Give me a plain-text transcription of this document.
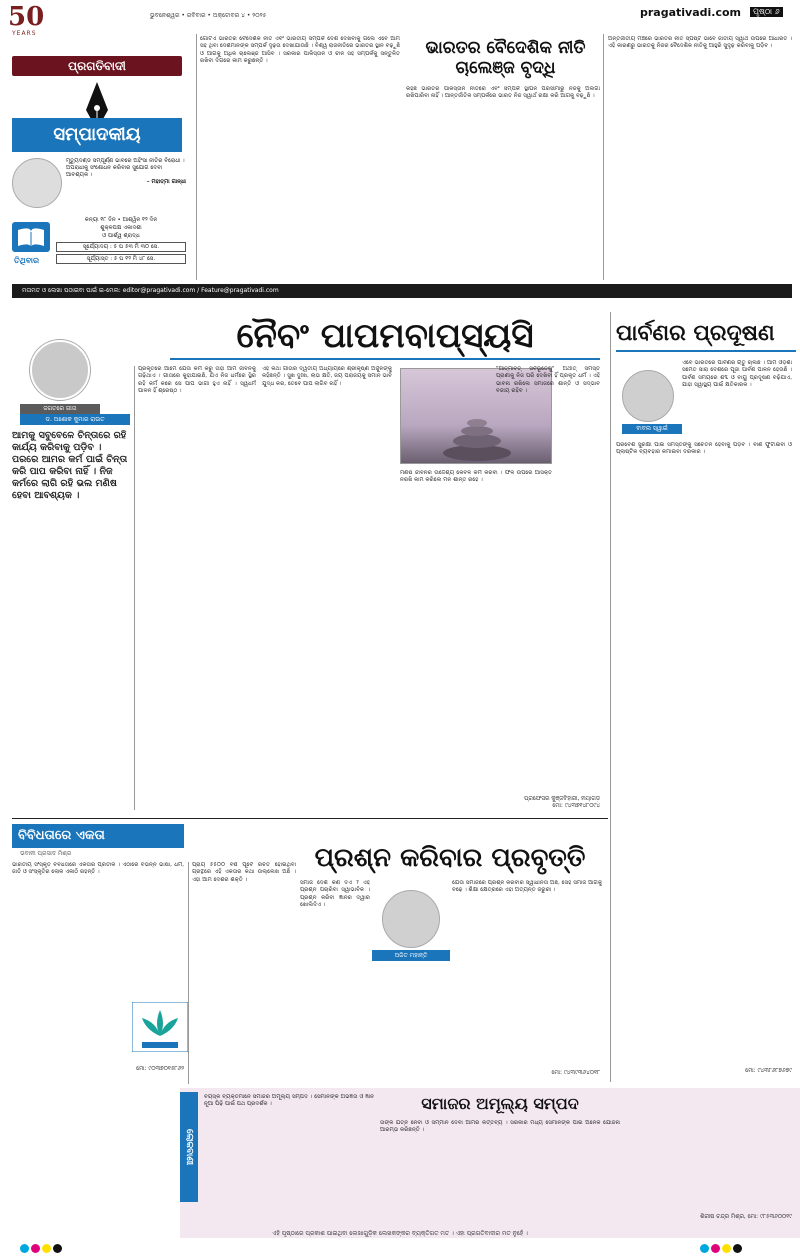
50
YEARS
ଭୁବନେଶ୍ୱର • ରବିବାର • ଅକ୍ଟୋବର ୪ • ୨୦୨୫	pragativadi.com	ପୃଷ୍ଠା ୬
ପ୍ରଗତିବାଦୀ
ସମ୍ପାଦକୀୟ
ମୃତ୍ୟୁଦଣ୍ଡ ସମ୍ପୂର୍ଣ୍ଣ ଭାବରେ ଅହିଂସା ନୀତିର ବିରୋଧୀ । ଅପରାଧୀକୁ ସଂଶୋଧନ କରିବାର ସୁଯୋଗ ଦେବା ଆବଶ୍ୟକ ।
– ମହାତ୍ମା ଗାନ୍ଧୀ
ତିଥିବାର
କନ୍ୟା ୧୮ ଦିନ • ଆଶ୍ୱିନ ୧୨ ଦିନ
ଶୁକ୍ଳପକ୍ଷ ଏକାଦଶୀ
ଓ ପାର୍ଶ୍ୱ ଶ୍ରାଦ୍ଧ
ସୂର୍ଯ୍ୟୋଦୟ : ୫ ଘ ୫୩ ମି ୩୦ ସେ.
ସୂର୍ଯ୍ୟାସ୍ତ : ୫ ଘ ୧୨ ମି ୪୮ ସେ.
ଗୋଟିଏ ଭାରତର ବୈଦେଶିକ ନୀତି ଏବଂ ଭାରତୀୟ ସମ୍ପର୍କ ଦେଶ ଦେଖିବାକୁ ଗଲେ ଏବେ ଆମ ସହ ଥିବା ଦେଶମାନଙ୍କ ସମ୍ପର୍କ ଦୃଢ଼ତା ଦେଖାଯାଉଛି । ବିଶ୍ୱ ରାଜନୀତିରେ ଭାରତର ସ୍ଥାନ ବଢ଼ୁଛି ଓ ଆଗକୁ ଅଧିକ ଚାଲେଞ୍ଜ ଆସିବ । ସରକାର ପାକିସ୍ତାନ ଓ ଚୀନ ସହ ସମ୍ପର୍କକୁ ସନ୍ତୁଳିତ ରଖିବା ଦିଗରେ କାମ କରୁଛନ୍ତି ।
ଭାରତର ବୈଦେଶିକ ନୀତି ଚାଲେଞ୍ଜ ବୃଦ୍ଧି
କହିଛି ଭାରତର ପାକିସ୍ତାନ ନୀତିରେ ଏବଂ ସମ୍ପର୍କ ସ୍ଥାପନ ପରିସୀମାରୁ ନିଜକୁ ଅଲଗା ରଖିପାରିବା ନାହିଁ । ଆନ୍ତର୍ଜାତିକ ସମ୍ପର୍କରେ ଭାରତ ନିଜ ସ୍ୱାର୍ଥ ରକ୍ଷା କରି ଆଗକୁ ବଢ଼ୁଛି ।
ଅନ୍ତର୍ଜାତୀୟ ମଞ୍ଚରେ ଭାରତର ନୀତି ସ୍ପଷ୍ଟ ଭାବେ ଜାତୀୟ ସ୍ୱାର୍ଥ ଉପରେ ଆଧାରିତ । ଏହି କାରଣରୁ ଭାରତକୁ ନିଜର ବୈଦେଶିକ ନୀତିକୁ ଆହୁରି ସୁଦୃଢ଼ କରିବାକୁ ପଡ଼ିବ ।
ମତାମତ ଓ ଲେଖା ପଠାଇବା ପାଇଁ ଇ-ମେଲ: editor@pragativadi.com / Feature@pragativadi.com
ନୈବଂ ପାପମବାପ୍ସ୍ୟସି
ଜଗତରେ ଗୀତା
ଡ. ଅଶୋକ କୁମାର ରାଉତ
ଆମକୁ ସବୁବେଳେ ଚିନ୍ତାରେ ରହି କାର୍ଯ୍ୟ କରିବାକୁ ପଡ଼ିବ । ପରରେ ଆମର କର୍ମ ପାଇଁ ଚିନ୍ତା କରି ପାପ କରିବା ନାହିଁ । ନିଜ କର୍ମରେ ଲାଗି ରହି ଭଲ ମଣିଷ ହେବା ଆବଶ୍ୟକ ।
ପ୍ରକୃତରେ ଆମେ ଯେଉଁ କର୍ମ କରୁ ତାହା ଆମ ଜୀବନକୁ ଗଢ଼ିଥାଏ । ଗୀତାରେ କୁହାଯାଇଛି, ଯିଏ ନିଜ ଧର୍ମରେ ସ୍ଥିର ରହି କର୍ମ କରେ ସେ ପାପ ଭାଗୀ ହୁଏ ନାହିଁ । ସ୍ୱଧର୍ମ ପାଳନ ହିଁ ଶ୍ରେଷ୍ଠ ।
ଏହି କଥା ଗୀତାର ଦ୍ୱିତୀୟ ଅଧ୍ୟାୟରେ ଶ୍ରୀକୃଷ୍ଣ ଅର୍ଜୁନଙ୍କୁ କହିଛନ୍ତି । ସୁଖ ଦୁଃଖ, ଲାଭ କ୍ଷତି, ଜୟ ପରାଜୟକୁ ସମାନ ଭାବି ଯୁଦ୍ଧ କର, ତେବେ ପାପ ଲାଗିବ ନାହିଁ ।
ମଣିଷ ଜୀବନର ଉଦ୍ଦେଶ୍ୟ କେବଳ କର୍ମ କରିବା । ଫଳ ଉପରେ ଆସକ୍ତି ନରଖି କାମ କରିଲେ ମନ ଶାନ୍ତ ରହେ ।
"ଆତ୍ମାବତ୍ ସର୍ବଭୂତେଷୁ" ଅର୍ଥାତ୍ ସମସ୍ତ ପ୍ରାଣୀକୁ ନିଜ ପରି ଦେଖିବା ହିଁ ପ୍ରକୃତ ଧର୍ମ । ଏହି ଭାବନା ରଖିଲେ ସମାଜରେ ଶାନ୍ତି ଓ ସଦ୍ଭାବ ବଜାୟ ରହିବ ।
ପ୍ରଫେସର କୁଞ୍ଜବିହାରୀ, ନୟାଗଡ଼
ମୋ: ୯୪୩୭୧୪୮୦୯୪
ପାର୍ବଣର ପ୍ରଦୂଷଣ
ବାବଲ ସ୍ୱାଇଁ
ଏବେ ଭାରତରେ ପାର୍ବଣର ଋତୁ ଚାଲିଛି । ଆମ ଓଡ଼ିଶା ସମେତ ସାରା ଦେଶରେ ପୂଜା ପାର୍ବଣ ପାଳନ ହେଉଛି । ପାର୍ବଣ ସମୟରେ ଶବ୍ଦ ଓ ବାୟୁ ପ୍ରଦୂଷଣ ବଢ଼ିଯାଏ, ଯାହା ସ୍ୱାସ୍ଥ୍ୟ ପାଇଁ କ୍ଷତିକାରକ ।
ପରିବେଶ ସୁରକ୍ଷା ପାଇଁ ସମସ୍ତଙ୍କୁ ସଚେତନ ହେବାକୁ ପଡ଼ିବ । ବାଣ ଫୁଟାଇବା ଓ ପ୍ଲାଷ୍ଟିକ ବ୍ୟବହାର କମାଇବା ଦରକାର ।
ମୋ: ୯୪୩୮୬୮୭୬୭୯
ବିବିଧତାରେ ଏକତା
ଭବାନୀ ପ୍ରସାଦ ମିଶ୍ର
ଭାରତୀୟ ସଂସ୍କୃତି ବିବିଧତାରେ ଏକତାର ପ୍ରତୀକ । ଏଠାରେ ବିଭିନ୍ନ ଭାଷା, ଧର୍ମ, ଜାତି ଓ ସଂସ୍କୃତିର ଲୋକ ଏକାଠି ରହନ୍ତି ।
ପ୍ରାୟ ୫୫୦୦ ବର୍ଷ ପୂର୍ବେ ରଚିତ ହୋଇଥିବା ଗ୍ରନ୍ଥରେ ଏହି ଏକତାର କଥା ଉଲ୍ଲେଖ ଅଛି । ଏହା ଆମ ଦେଶର ଶକ୍ତି ।
ମୋ: ୯୦୩୭୦୧୫୮୬୨
ପ୍ରଶ୍ନ କରିବାର ପ୍ରବୃତ୍ତି
ଅଜିତ ମହାନ୍ତି
ସମାଜ ଦେଶ କଣ ଦିଏ ? ଏହି ପ୍ରଶ୍ନ ପଚାରିବା ସ୍ୱାଭାବିକ । ପ୍ରଶ୍ନ କରିବା ଜ୍ଞାନର ଦ୍ୱାର ଖୋଲିଦିଏ ।
ଯେଉଁ ସମାଜରେ ପ୍ରଶ୍ନ କରିବାର ସ୍ୱାଧୀନତା ଅଛି, ସେହି ସମାଜ ଆଗକୁ ବଢ଼େ । ଶିକ୍ଷା କ୍ଷେତ୍ରରେ ଏହା ଅତ୍ୟନ୍ତ ଜରୁରୀ ।
ମୋ: ୯୪୩୯୩୬୪୦୧୮
ଲୋକବାଣୀ
ସମାଜର ଅମୂଲ୍ୟ ସମ୍ପଦ
ବୟସ୍କ ବ୍ୟକ୍ତିମାନେ ସମାଜର ଅମୂଲ୍ୟ ସମ୍ପଦ । ସେମାନଙ୍କ ଅଭିଜ୍ଞତା ଓ ଜ୍ଞାନ ନୂଆ ପିଢ଼ି ପାଇଁ ପଥ ପ୍ରଦର୍ଶକ ।
ତାଙ୍କ ଯତ୍ନ ନେବା ଓ ସମ୍ମାନ ଦେବା ଆମର କର୍ତ୍ତବ୍ୟ । ସରକାର ମଧ୍ୟ ସେମାନଙ୍କ ପାଇଁ ଅନେକ ଯୋଜନା ଆରମ୍ଭ କରିଛନ୍ତି ।
ଶିରୀଷ ଚନ୍ଦ୍ର ମିଶ୍ର, ମୋ: ୯୮୫୩୬୦୦୧୯
ଏହି ପୃଷ୍ଠାରେ ପ୍ରକାଶ ପାଇଥିବା ଲେଖାଗୁଡ଼ିକ ଲେଖକଙ୍କର ବ୍ୟକ୍ତିଗତ ମତ । ଏହା ପ୍ରଗତିବାଦୀର ମତ ନୁହେଁ ।
